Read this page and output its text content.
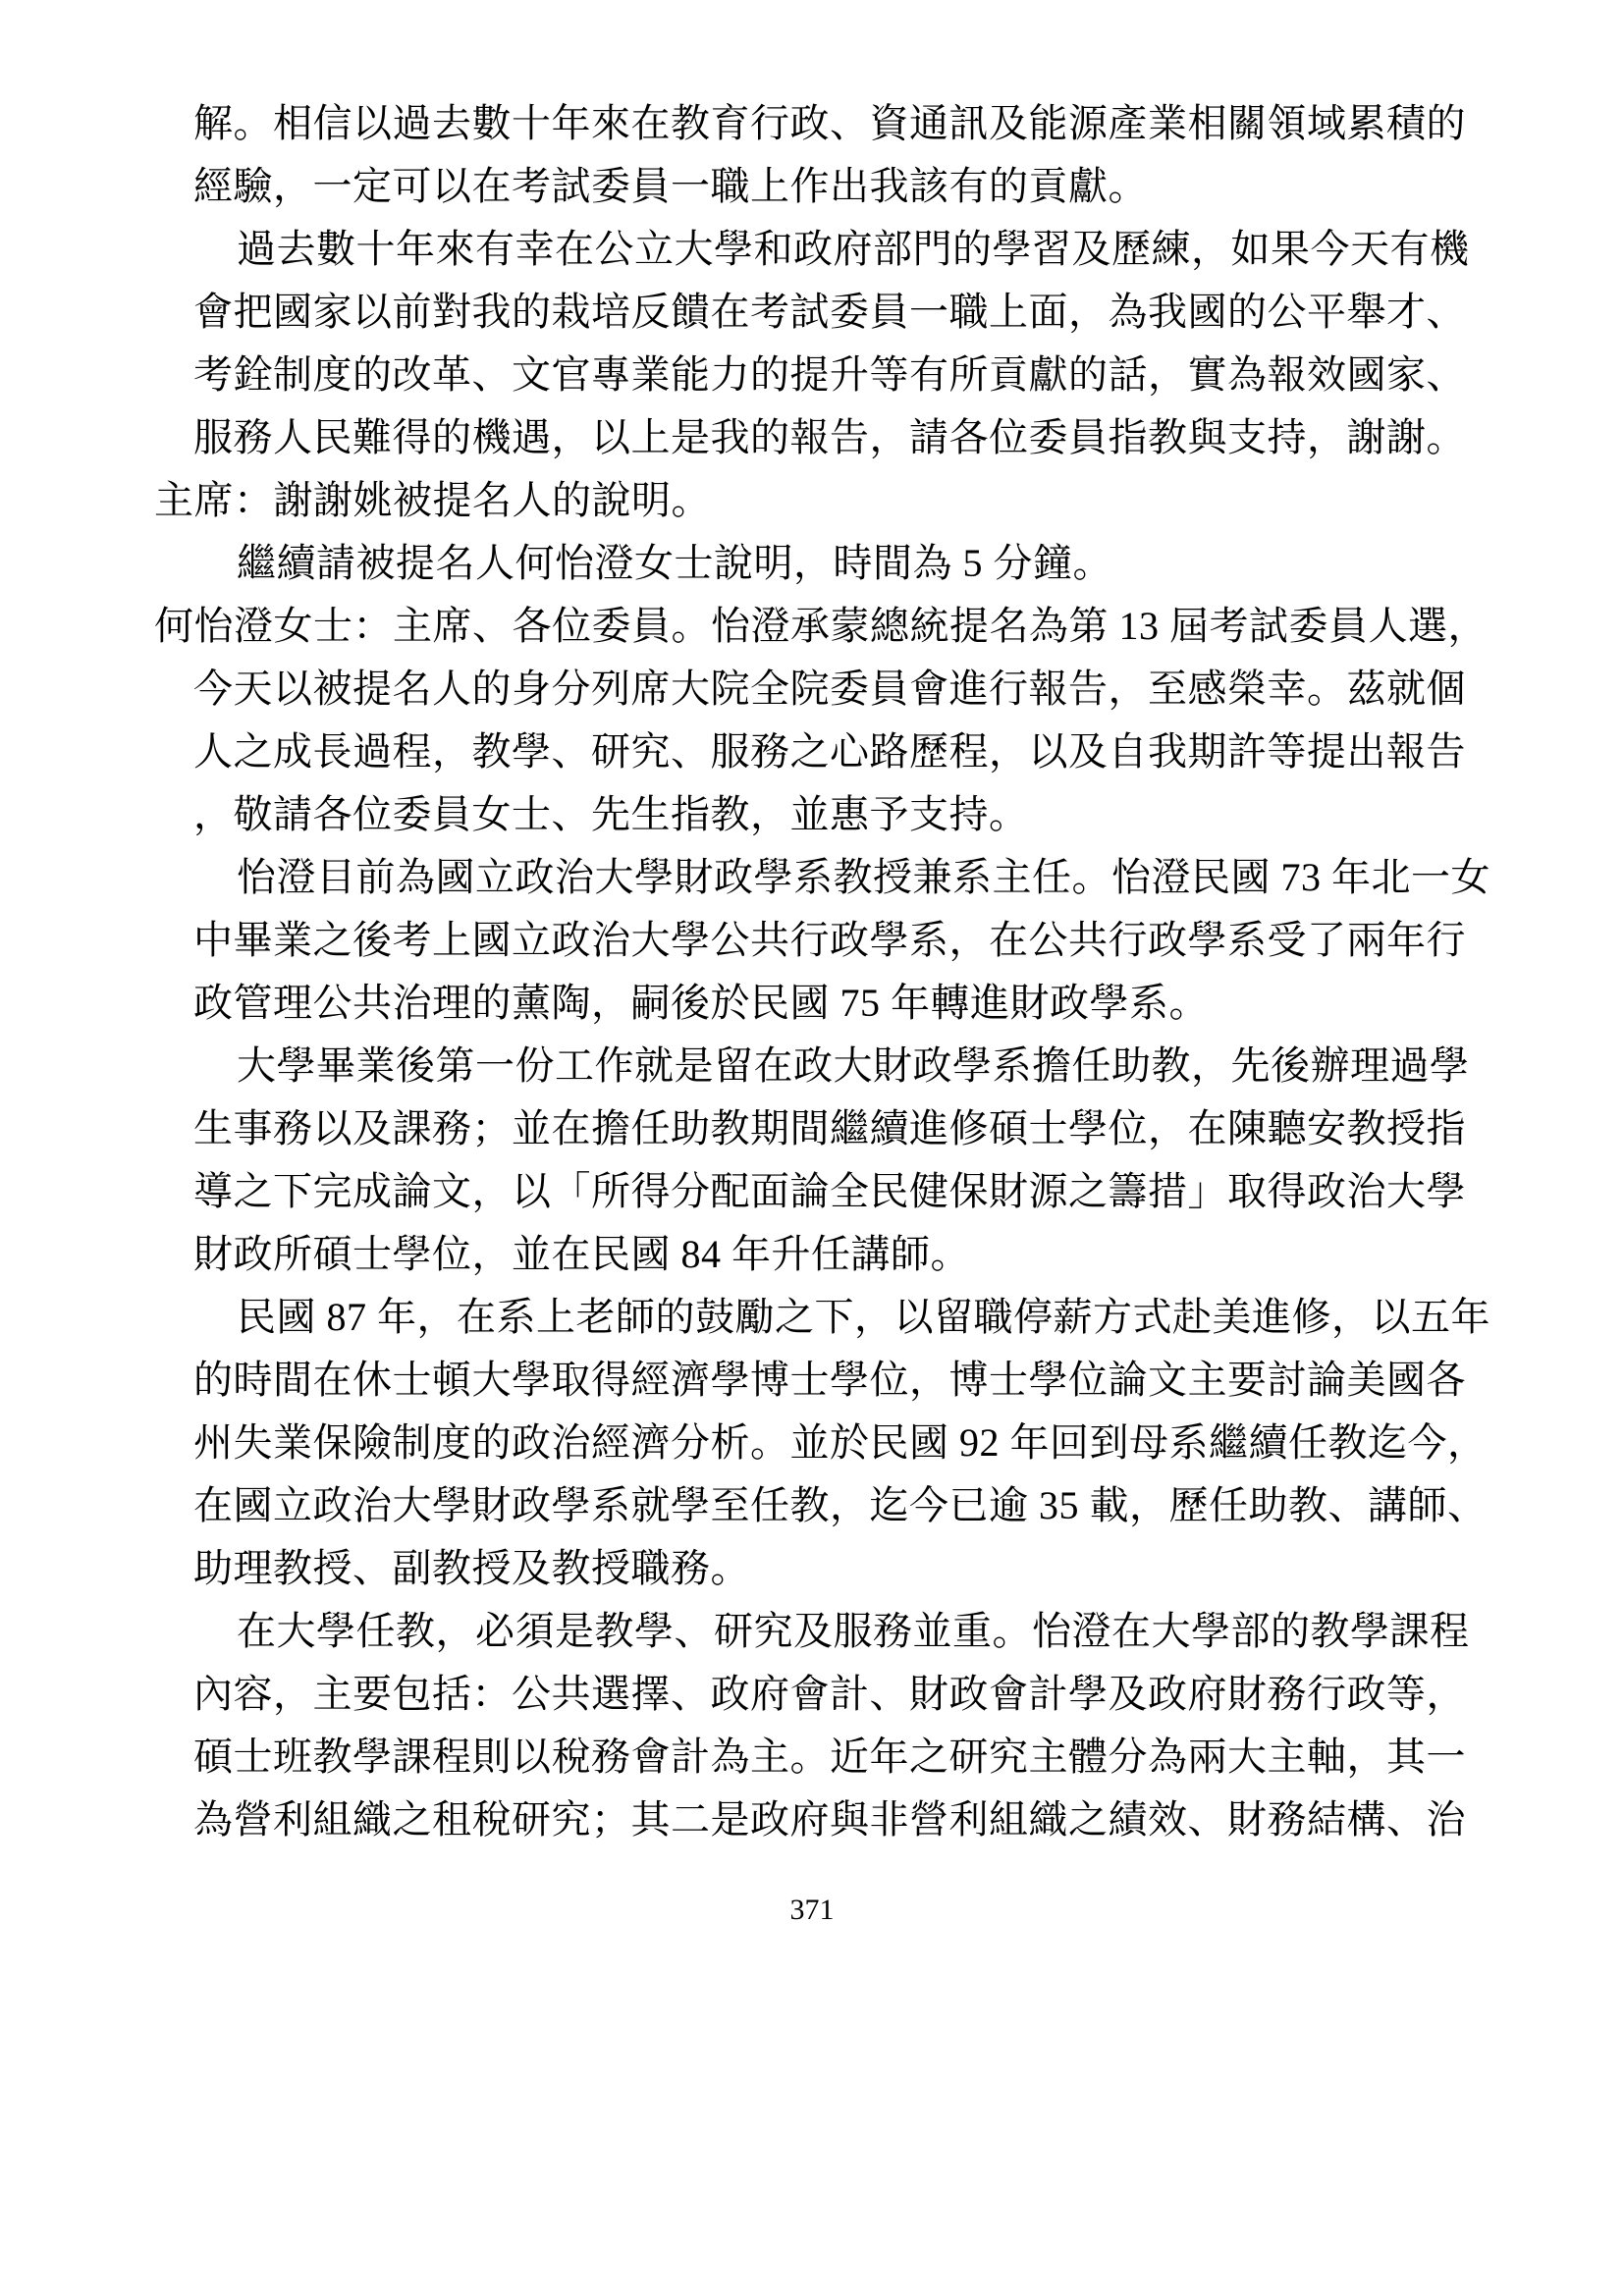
解。相信以過去數十年來在教育行政、資通訊及能源產業相關領域累積的
經驗，一定可以在考試委員一職上作出我該有的貢獻。
過去數十年來有幸在公立大學和政府部門的學習及歷練，如果今天有機
會把國家以前對我的栽培反饋在考試委員一職上面，為我國的公平舉才、
考銓制度的改革、文官專業能力的提升等有所貢獻的話，實為報效國家、
服務人民難得的機遇，以上是我的報告，請各位委員指教與支持，謝謝。
主席：謝謝姚被提名人的說明。
繼續請被提名人何怡澄女士說明，時間為 5 分鐘。
何怡澄女士：主席、各位委員。怡澄承蒙總統提名為第 13 屆考試委員人選，
今天以被提名人的身分列席大院全院委員會進行報告，至感榮幸。茲就個
人之成長過程，教學、研究、服務之心路歷程，以及自我期許等提出報告
，敬請各位委員女士、先生指教，並惠予支持。
怡澄目前為國立政治大學財政學系教授兼系主任。怡澄民國 73 年北一女
中畢業之後考上國立政治大學公共行政學系，在公共行政學系受了兩年行
政管理公共治理的薰陶，嗣後於民國 75 年轉進財政學系。
大學畢業後第一份工作就是留在政大財政學系擔任助教，先後辦理過學
生事務以及課務；並在擔任助教期間繼續進修碩士學位，在陳聽安教授指
導之下完成論文，以「所得分配面論全民健保財源之籌措」取得政治大學
財政所碩士學位，並在民國 84 年升任講師。
民國 87 年，在系上老師的鼓勵之下，以留職停薪方式赴美進修，以五年
的時間在休士頓大學取得經濟學博士學位，博士學位論文主要討論美國各
州失業保險制度的政治經濟分析。並於民國 92 年回到母系繼續任教迄今，
在國立政治大學財政學系就學至任教，迄今已逾 35 載，歷任助教、講師、
助理教授、副教授及教授職務。
在大學任教，必須是教學、研究及服務並重。怡澄在大學部的教學課程
內容，主要包括：公共選擇、政府會計、財政會計學及政府財務行政等，
碩士班教學課程則以稅務會計為主。近年之研究主體分為兩大主軸，其一
為營利組織之租稅研究；其二是政府與非營利組織之績效、財務結構、治
371
